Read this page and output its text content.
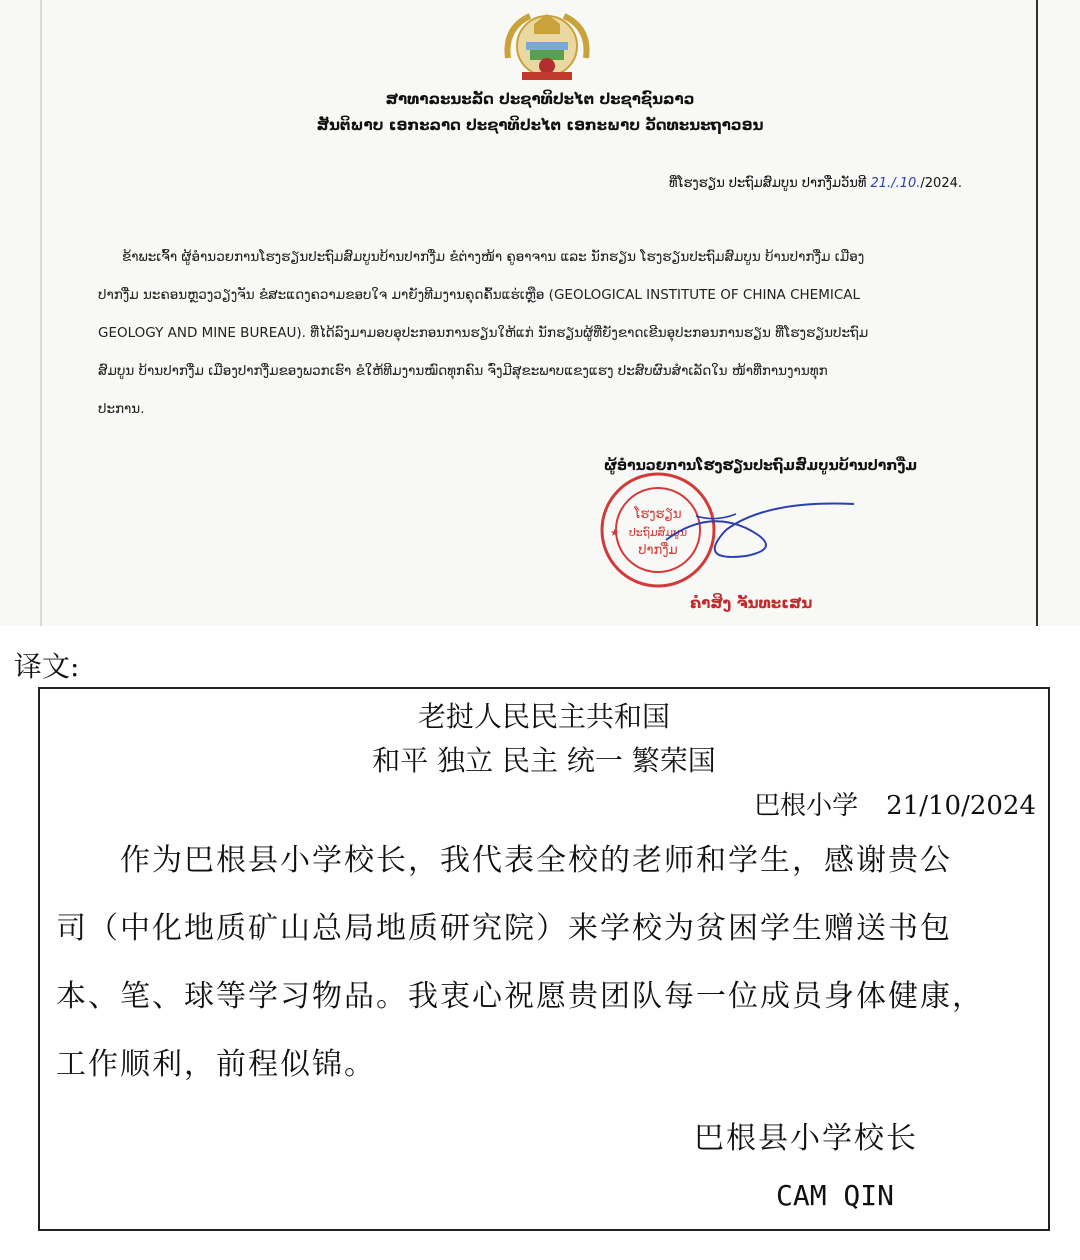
ສາທາລະນະລັດ ປະຊາທິປະໄຕ ປະຊາຊົນລາວ
ສັນຕິພາບ ເອກະລາດ ປະຊາທິປະໄຕ ເອກະພາບ ວັດທະນະຖາວອນ
ທີ່ໂຮງຮຽນ ປະຖົມສົມບູນ ປາກງື່ມວັນທີ 21./.10./2024.

ຂ້າພະເຈົ້າ ຜູ້ອຳນວຍການໂຮງຮຽນປະຖົມສົມບູນບ້ານປາກງື່ມ ຂໍຕ່າງໜ້າ ຄູອາຈານ ແລະ ນັກຮຽນ ໂຮງຮຽນປະຖົມສົມບູນ ບ້ານປາກງື່ມ ເມືອງ

ປາກງື່ມ ນະຄອນຫຼວງວຽງຈັນ ຂໍສະແດງຄວາມຂອບໃຈ ມາຍັງທີມງານຄຸດຄົ້ນແຮ່ເຫຼືອ (GEOLOGICAL INSTITUTE OF CHINA CHEMICAL

GEOLOGY AND MINE BUREAU). ທີ່ໄດ້ລົງມາມອບອຸປະກອນການຮຽນໃຫ້ແກ່ ນັກຮຽນຜູ້ທີ່ຍັງຂາດເຂີນອຸປະກອນການຮຽນ ທີ່ໂຮງຮຽນປະຖົມ

ສົມບູນ ບ້ານປາກງື່ມ ເມືອງປາກງື່ມຂອງພວກເຮົາ ຂໍໃຫ້ທີມງານໝົດທຸກຄົນ ຈົ່ງມີສຸຂະພາບແຂງແຮງ ປະສົບຜົນສຳເລັດໃນ ໜ້າທີ່ການງານທຸກ

ປະການ.

ຜູ້ອຳນວຍການໂຮງຮຽນປະຖົມສົມບູນບ້ານປາກງື່ມ
ໂຮງຮຽນ
ປະຖົມສົມບູນ
ປາກງື່ມ
★
ຄຳສິງ ຈັນທະເສນ
译文:
老挝人民民主共和国
和平 独立 民主 统一 繁荣国
巴根小学 21/10/2024

作为巴根县小学校长，我代表全校的老师和学生，感谢贵公

司（中化地质矿山总局地质研究院）来学校为贫困学生赠送书包

本、笔、球等学习物品。我衷心祝愿贵团队每一位成员身体健康，

工作顺利，前程似锦。

巴根县小学校长
CAM QIN
